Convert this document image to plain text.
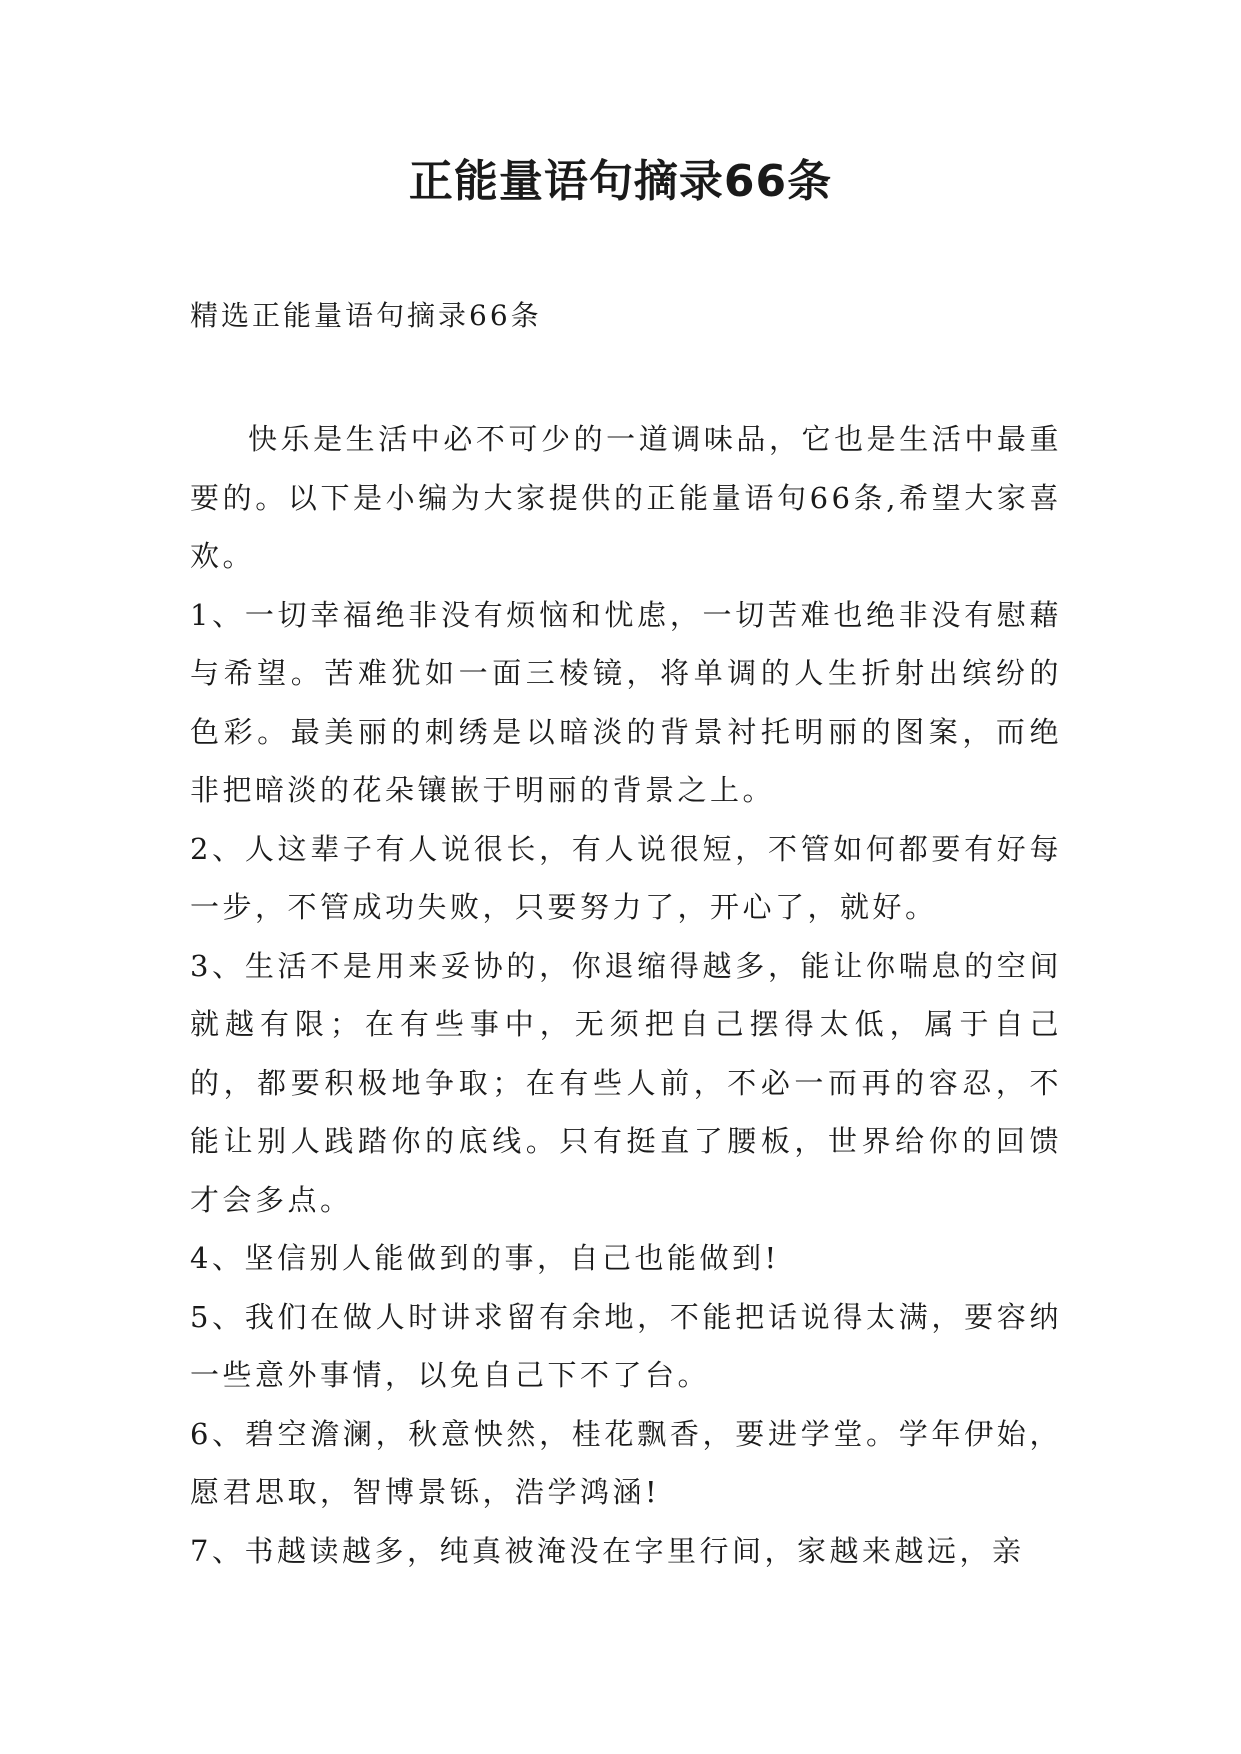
正能量语句摘录66条

精选正能量语句摘录66条

快乐是生活中必不可少的一道调味品，它也是生活中最重要的。以下是小编为大家提供的正能量语句66条,希望大家喜欢。

1、一切幸福绝非没有烦恼和忧虑，一切苦难也绝非没有慰藉与希望。苦难犹如一面三棱镜，将单调的人生折射出缤纷的色彩。最美丽的刺绣是以暗淡的背景衬托明丽的图案，而绝非把暗淡的花朵镶嵌于明丽的背景之上。

2、人这辈子有人说很长，有人说很短，不管如何都要有好每一步，不管成功失败，只要努力了，开心了，就好。

3、生活不是用来妥协的，你退缩得越多，能让你喘息的空间就越有限；在有些事中，无须把自己摆得太低，属于自己的，都要积极地争取；在有些人前，不必一而再的容忍，不能让别人践踏你的底线。只有挺直了腰板，世界给你的回馈才会多点。

4、坚信别人能做到的事，自己也能做到!

5、我们在做人时讲求留有余地，不能把话说得太满，要容纳一些意外事情，以免自己下不了台。

6、碧空澹澜，秋意怏然，桂花飘香，要进学堂。学年伊始，愿君思取，智博景铄，浩学鸿涵!

7、书越读越多，纯真被淹没在字里行间，家越来越远，亲
